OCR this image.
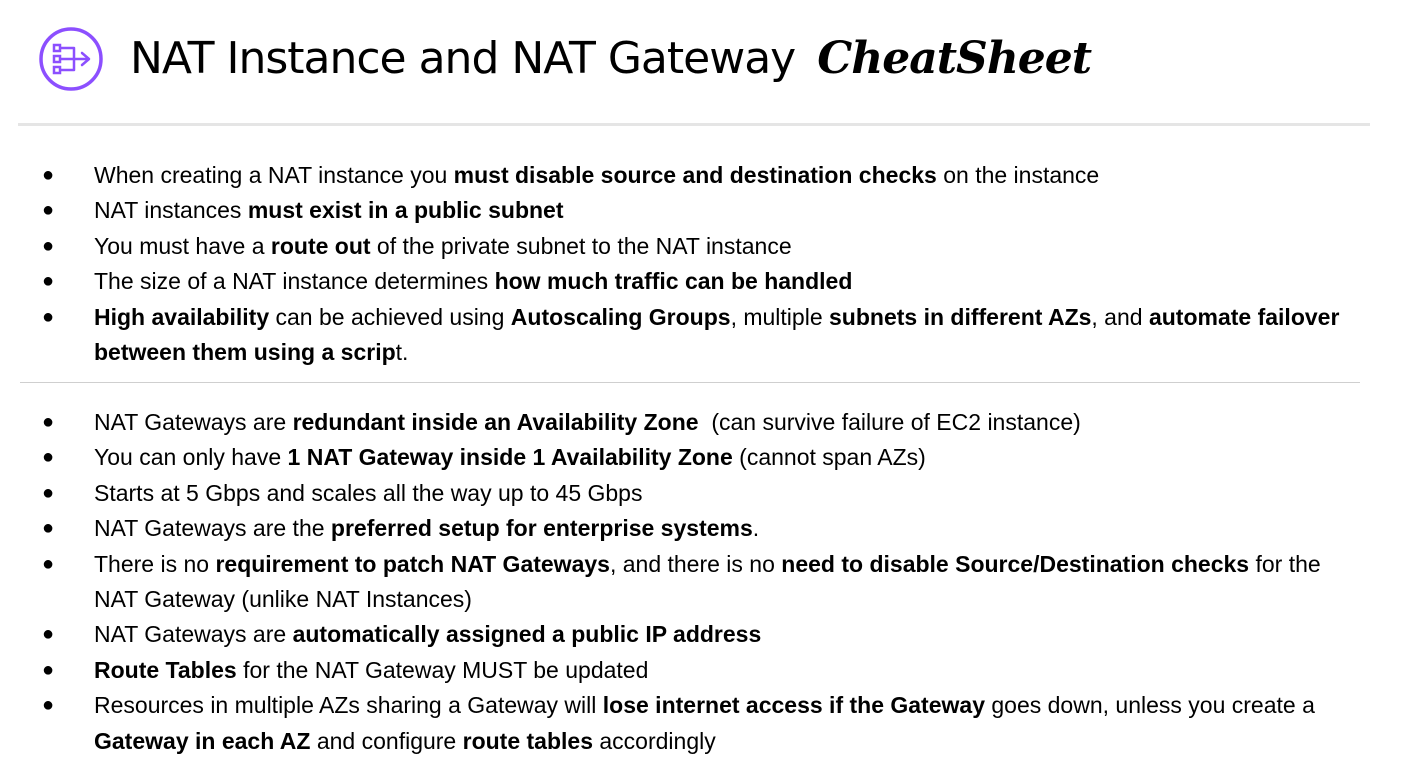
NAT Instance and NAT Gateway CheatSheet
● When creating a NAT instance you must disable source and destination checks on the instance
● NAT instances must exist in a public subnet
● You must have a route out of the private subnet to the NAT instance
● The size of a NAT instance determines how much traffic can be handled
● High availability can be achieved using Autoscaling Groups, multiple subnets in different AZs, and automate failover between them using a script.
● NAT Gateways are redundant inside an Availability Zone  (can survive failure of EC2 instance)
● You can only have 1 NAT Gateway inside 1 Availability Zone (cannot span AZs)
● Starts at 5 Gbps and scales all the way up to 45 Gbps
● NAT Gateways are the preferred setup for enterprise systems.
● There is no requirement to patch NAT Gateways, and there is no need to disable Source/Destination checks for the NAT Gateway (unlike NAT Instances)
● NAT Gateways are automatically assigned a public IP address
● Route Tables for the NAT Gateway MUST be updated
● Resources in multiple AZs sharing a Gateway will lose internet access if the Gateway goes down, unless you create a Gateway in each AZ and configure route tables accordingly
